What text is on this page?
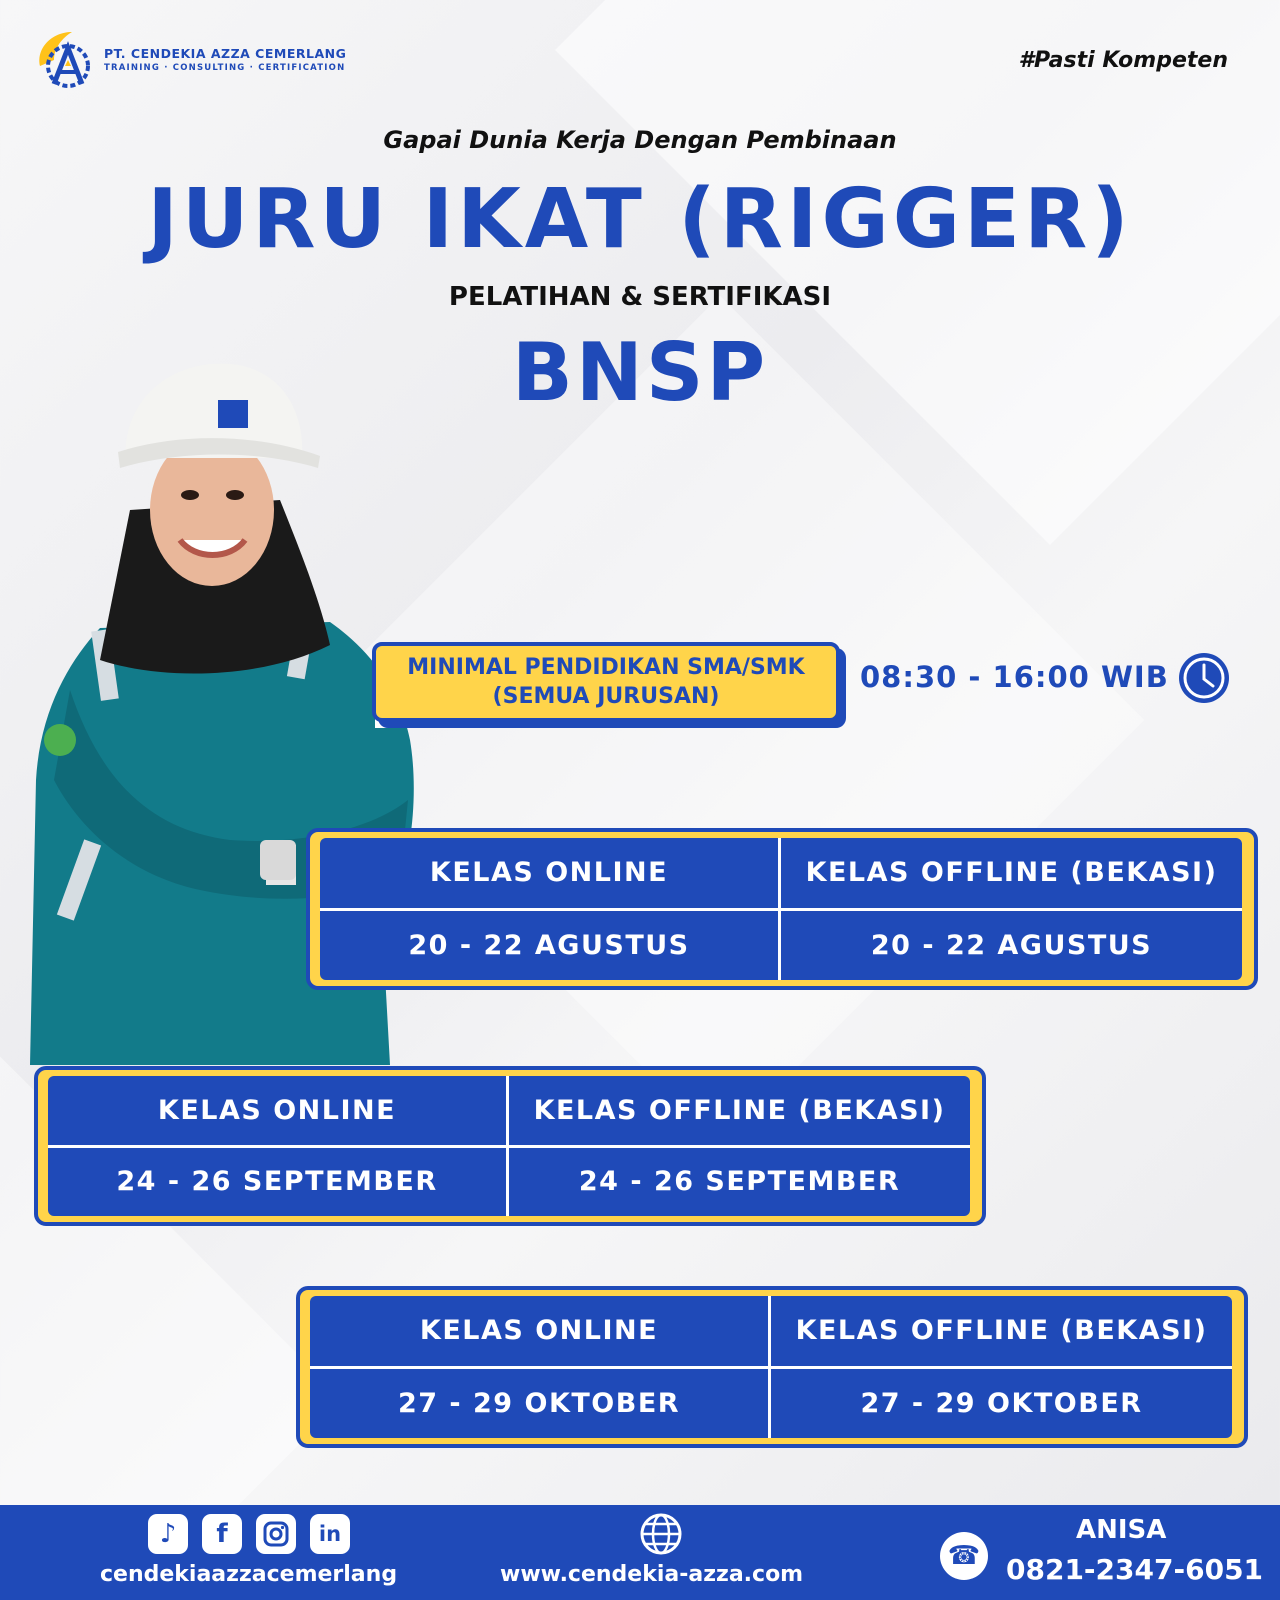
PT. CENDEKIA AZZA CEMERLANG
TRAINING · CONSULTING · CERTIFICATION	#Pasti Kompeten
Gapai Dunia Kerja Dengan Pembinaan
JURU IKAT (RIGGER)
PELATIHAN & SERTIFIKASI
BNSP
MINIMAL PENDIDIKAN SMA/SMK
(SEMUA JURUSAN)
08:30 - 16:00 WIB
KELAS ONLINE	KELAS OFFLINE (BEKASI)
20 - 22 AGUSTUS	20 - 22 AGUSTUS
KELAS ONLINE	KELAS OFFLINE (BEKASI)
24 - 26 SEPTEMBER	24 - 26 SEPTEMBER
KELAS ONLINE	KELAS OFFLINE (BEKASI)
27 - 29 OKTOBER	27 - 29 OKTOBER
♪	f	in
cendekiaazzacemerlang	www.cendekia-azza.com
☎
ANISA
0821-2347-6051
